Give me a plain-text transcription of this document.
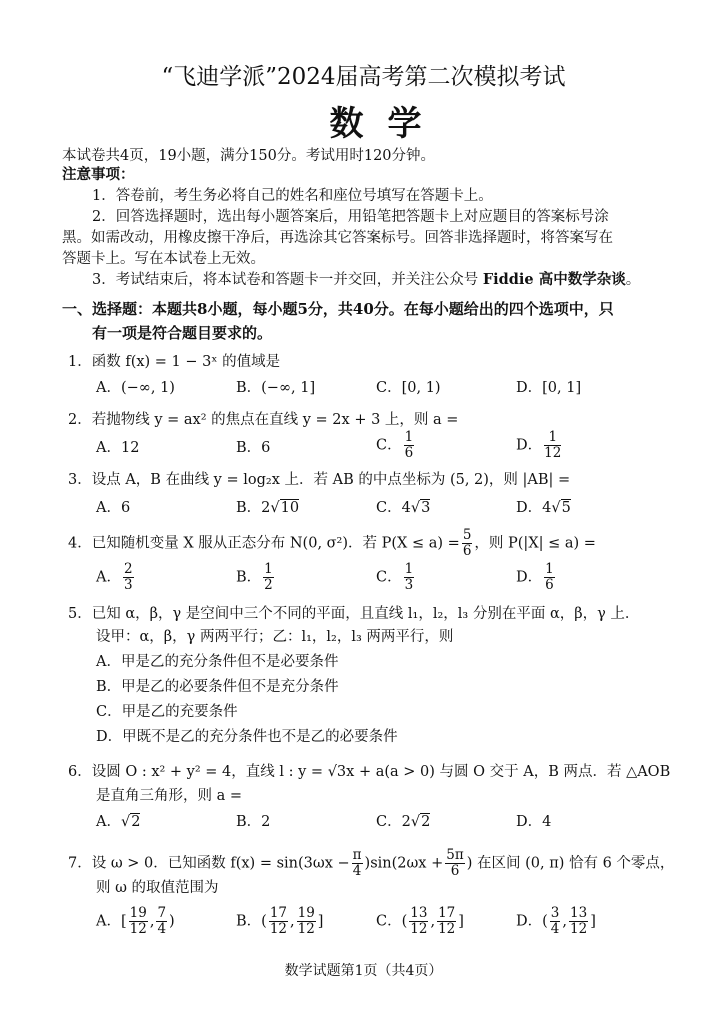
“飞迪学派”2024届高考第二次模拟考试
数学
本试卷共4页，19小题，满分150分。考试用时120分钟。
注意事项：
1．答卷前，考生务必将自己的姓名和座位号填写在答题卡上。
2．回答选择题时，选出每小题答案后，用铅笔把答题卡上对应题目的答案标号涂
黑。如需改动，用橡皮擦干净后，再选涂其它答案标号。回答非选择题时，将答案写在
答题卡上。写在本试卷上无效。
3．考试结束后，将本试卷和答题卡一并交回，并关注公众号 Fiddie 高中数学杂谈。
一、选择题：本题共8小题，每小题5分，共40分。在每小题给出的四个选项中，只
有一项是符合题目要求的。
1．函数 f(x) = 1 − 3ˣ 的值域是
A．(−∞, 1)	B．(−∞, 1]	C．[0, 1)	D．[0, 1]
2．若抛物线 y = ax² 的焦点在直线 y = 2x + 3 上，则 a =
A．12	B．6	C． $\frac{1}{6}$	D． $\frac{1}{12}$
3．设点 A，B 在曲线 y = log₂x 上．若 AB 的中点坐标为 (5, 2)，则 |AB| =
A．6	B．2√10	C．4√3	D．4√5
4．已知随机变量 X 服从正态分布 N(0, σ²)．若 $P(X \le a) = \frac{5}{6}$ ，则 P(|X| ≤ a) =
A． $\frac{2}{3}$	B． $\frac{1}{2}$	C． $\frac{1}{3}$	D． $\frac{1}{6}$
5．已知 α，β，γ 是空间中三个不同的平面，且直线 l₁，l₂，l₃ 分别在平面 α，β，γ 上．
设甲：α，β，γ 两两平行；乙：l₁，l₂，l₃ 两两平行，则
A．甲是乙的充分条件但不是必要条件
B．甲是乙的必要条件但不是充分条件
C．甲是乙的充要条件
D．甲既不是乙的充分条件也不是乙的必要条件
6．设圆 O : x² + y² = 4，直线 l : y = √3x + a(a > 0) 与圆 O 交于 A，B 两点．若 △AOB
是直角三角形，则 a =
A．√2	B．2	C．2√2	D．4
7．设 ω > 0．已知函数 $f(x) = \sin(3\omega x - \frac{\pi}{4} )\sin(2\omega x + \frac{5\pi}{6}$ ) 在区间 (0, π) 恰有 6 个零点，
则 ω 的取值范围为
A．[ $\frac{19}{12}$ , $\frac{7}{4}$ )	B．( $\frac{17}{12}$ , $\frac{19}{12}$ ]	C．( $\frac{13}{12}$ , $\frac{17}{12}$ ]	D．( $\frac{3}{4}$ , $\frac{13}{12}$ ]
数学试题第1页（共4页）
